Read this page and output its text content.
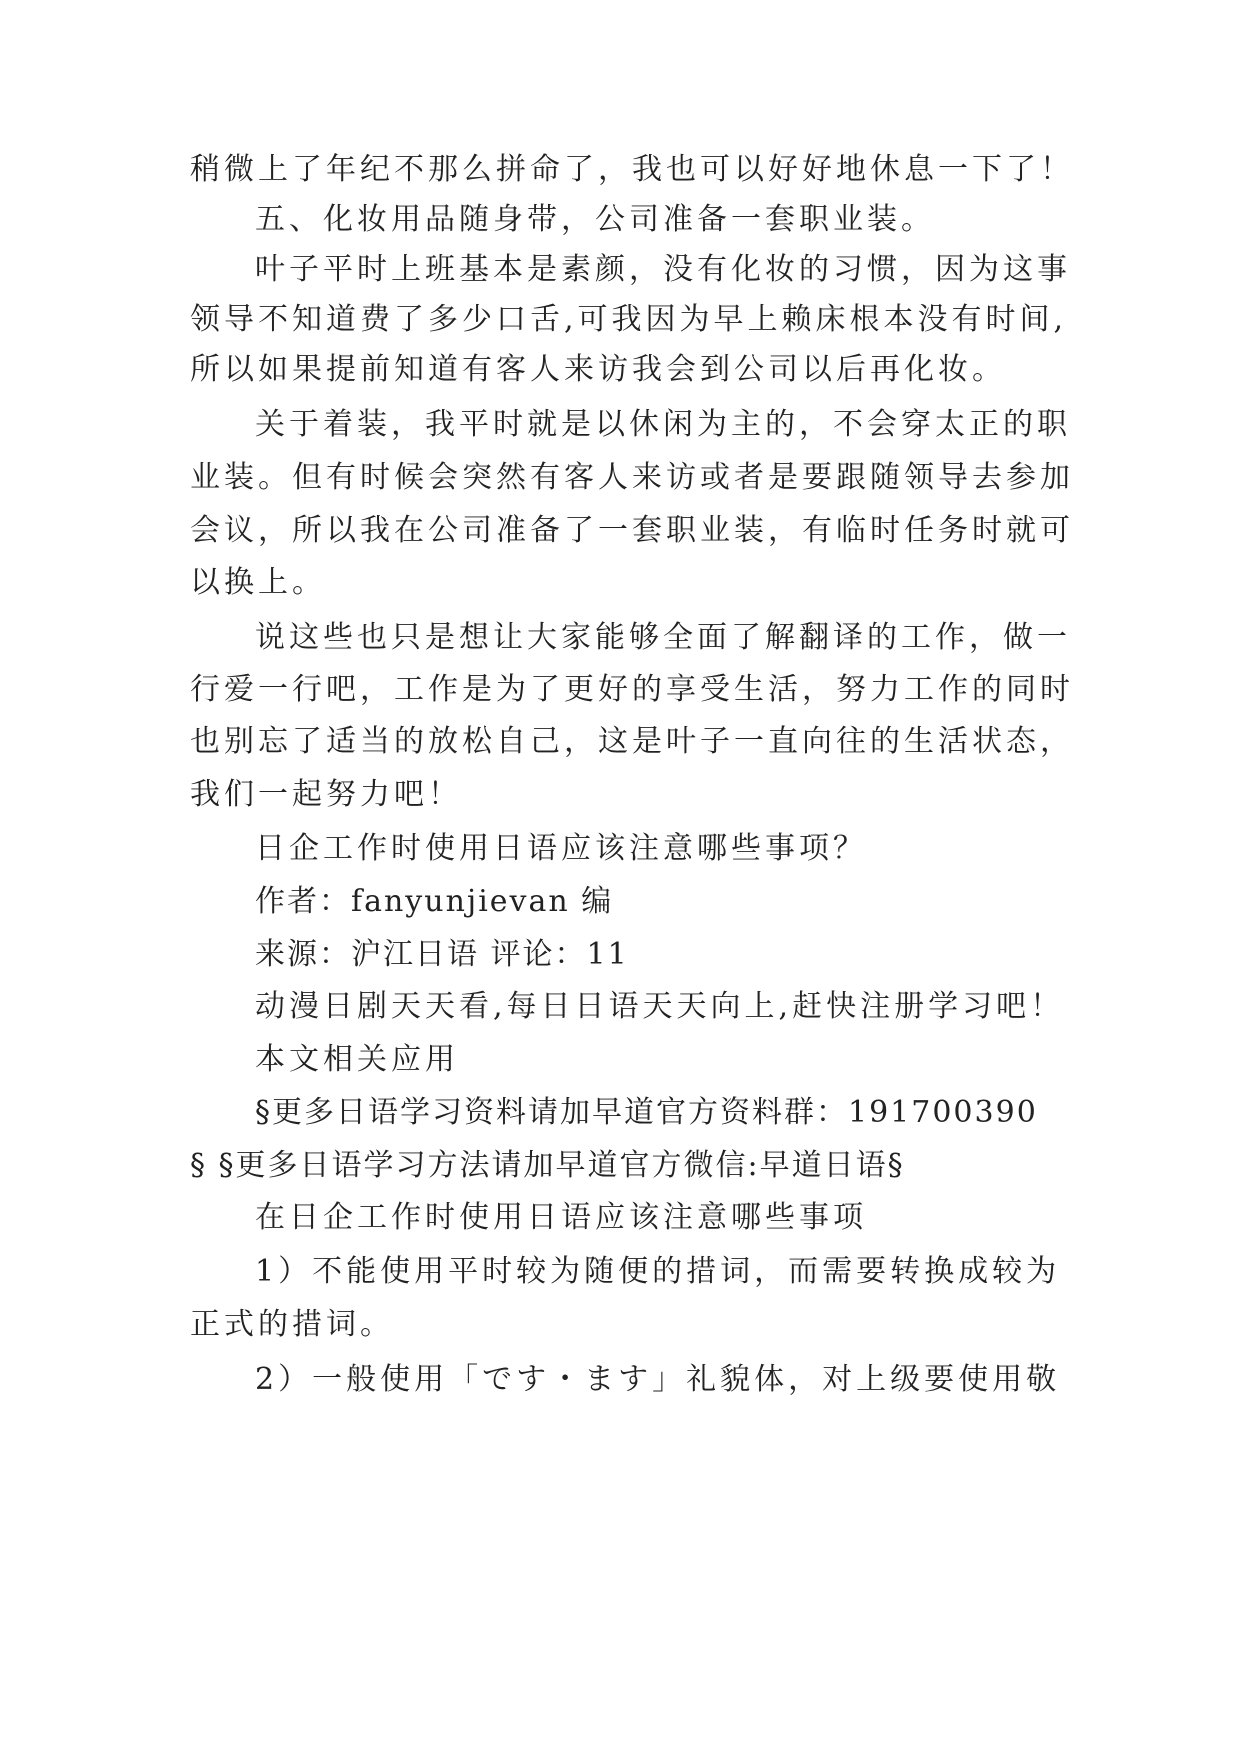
稍微上了年纪不那么拼命了，我也可以好好地休息一下了！
五、化妆用品随身带，公司准备一套职业装。
叶子平时上班基本是素颜，没有化妆的习惯，因为这事
领导不知道费了多少口舌,可我因为早上赖床根本没有时间,
所以如果提前知道有客人来访我会到公司以后再化妆。
关于着装，我平时就是以休闲为主的，不会穿太正的职
业装。但有时候会突然有客人来访或者是要跟随领导去参加
会议，所以我在公司准备了一套职业装，有临时任务时就可
以换上。
说这些也只是想让大家能够全面了解翻译的工作，做一
行爱一行吧，工作是为了更好的享受生活，努力工作的同时
也别忘了适当的放松自己，这是叶子一直向往的生活状态，
我们一起努力吧！
日企工作时使用日语应该注意哪些事项？
作者：fanyunjievan 编
来源：沪江日语 评论：11
动漫日剧天天看,每日日语天天向上,赶快注册学习吧！
本文相关应用
§更多日语学习资料请加早道官方资料群：191700390
§ §更多日语学习方法请加早道官方微信:早道日语§
在日企工作时使用日语应该注意哪些事项
1）不能使用平时较为随便的措词，而需要转换成较为
正式的措词。
2）一般使用「です・ます」礼貌体，对上级要使用敬
